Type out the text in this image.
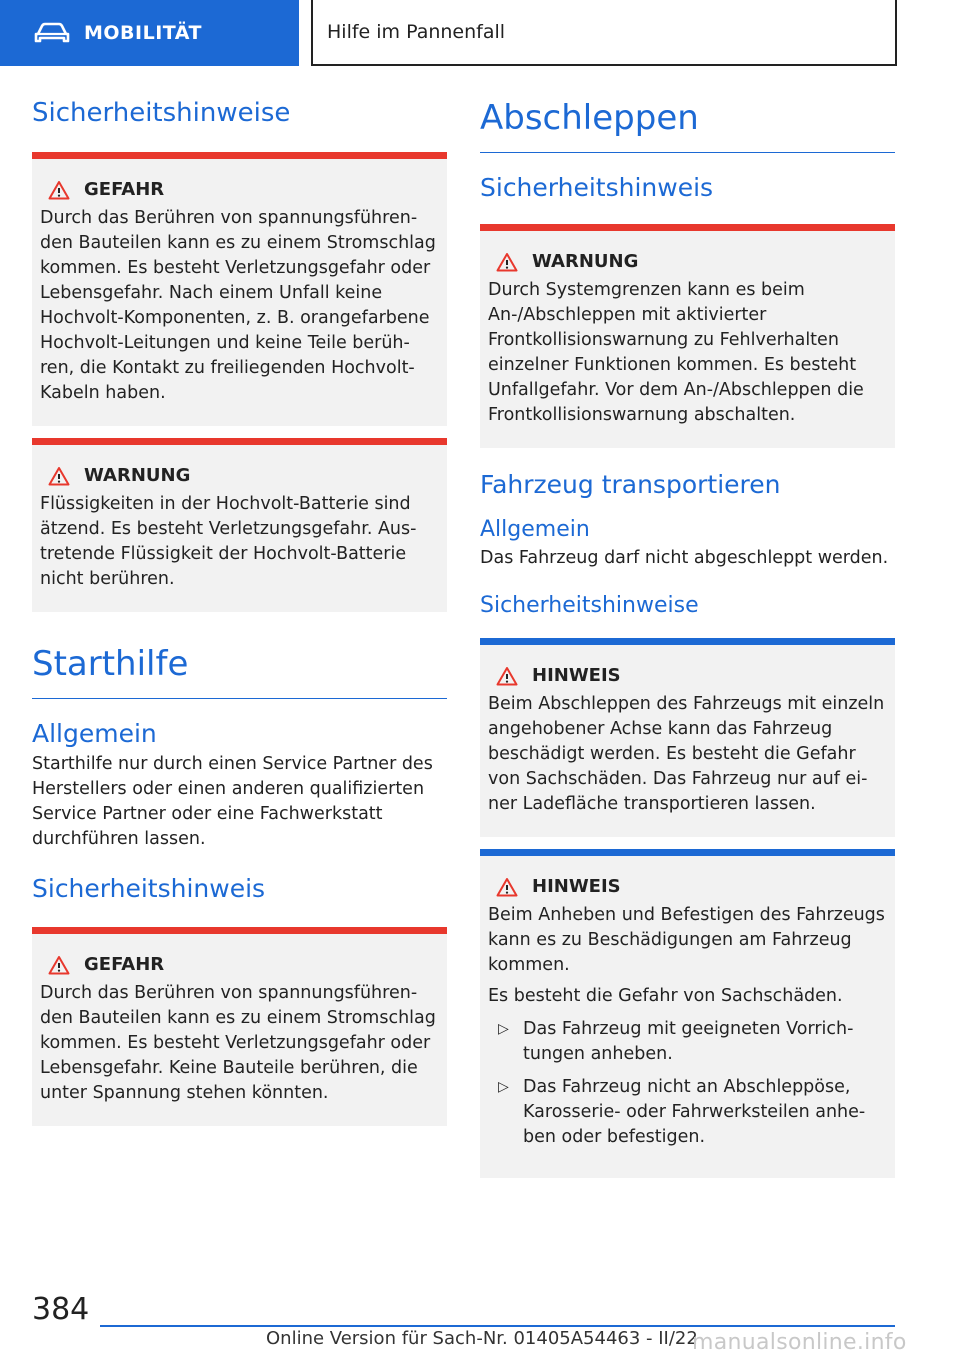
MOBILITÄT	Hilfe im Pannenfall
Sicherheitshinweise
GEFAHR

Durch das Berühren von spannungsführenden Bauteilen kann es zu einem Stromschlag kommen. Es besteht Verletzungsgefahr oder Lebensgefahr. Nach einem Unfall keine Hochvolt-Komponenten, z. B. orangefarbene Hochvolt-Leitungen und keine Teile berühren, die Kontakt zu freiliegenden Hochvolt-Kabeln haben.

WARNUNG

Flüssigkeiten in der Hochvolt-Batterie sind ätzend. Es besteht Verletzungsgefahr. Austretende Flüssigkeit der Hochvolt-Batterie nicht berühren.

Starthilfe
Allgemein

Starthilfe nur durch einen Service Partner des Herstellers oder einen anderen qualifizierten Service Partner oder eine Fachwerkstatt durchführen lassen.

Sicherheitshinweis
GEFAHR

Durch das Berühren von spannungsführenden Bauteilen kann es zu einem Stromschlag kommen. Es besteht Verletzungsgefahr oder Lebensgefahr. Keine Bauteile berühren, die unter Spannung stehen könnten.

Abschleppen
Sicherheitshinweis
WARNUNG

Durch Systemgrenzen kann es beim An-/Abschleppen mit aktivierter Frontkollisionswarnung zu Fehlverhalten einzelner Funktionen kommen. Es besteht Unfallgefahr. Vor dem An-/Abschleppen die Frontkollisionswarnung abschalten.

Fahrzeug transportieren
Allgemein

Das Fahrzeug darf nicht abgeschleppt werden.

Sicherheitshinweise
HINWEIS

Beim Abschleppen des Fahrzeugs mit einzeln angehobener Achse kann das Fahrzeug beschädigt werden. Es besteht die Gefahr von Sachschäden. Das Fahrzeug nur auf einer Ladefläche transportieren lassen.

HINWEIS

Beim Anheben und Befestigen des Fahrzeugs kann es zu Beschädigungen am Fahrzeug kommen.

Es besteht die Gefahr von Sachschäden.

▷ Das Fahrzeug mit geeigneten Vorrichtungen anheben.
▷ Das Fahrzeug nicht an Abschleppöse, Karosserie- oder Fahrwerksteilen anheben oder befestigen.
384
Online Version für Sach-Nr. 01405A54463 - II/22
manualsonline.info
